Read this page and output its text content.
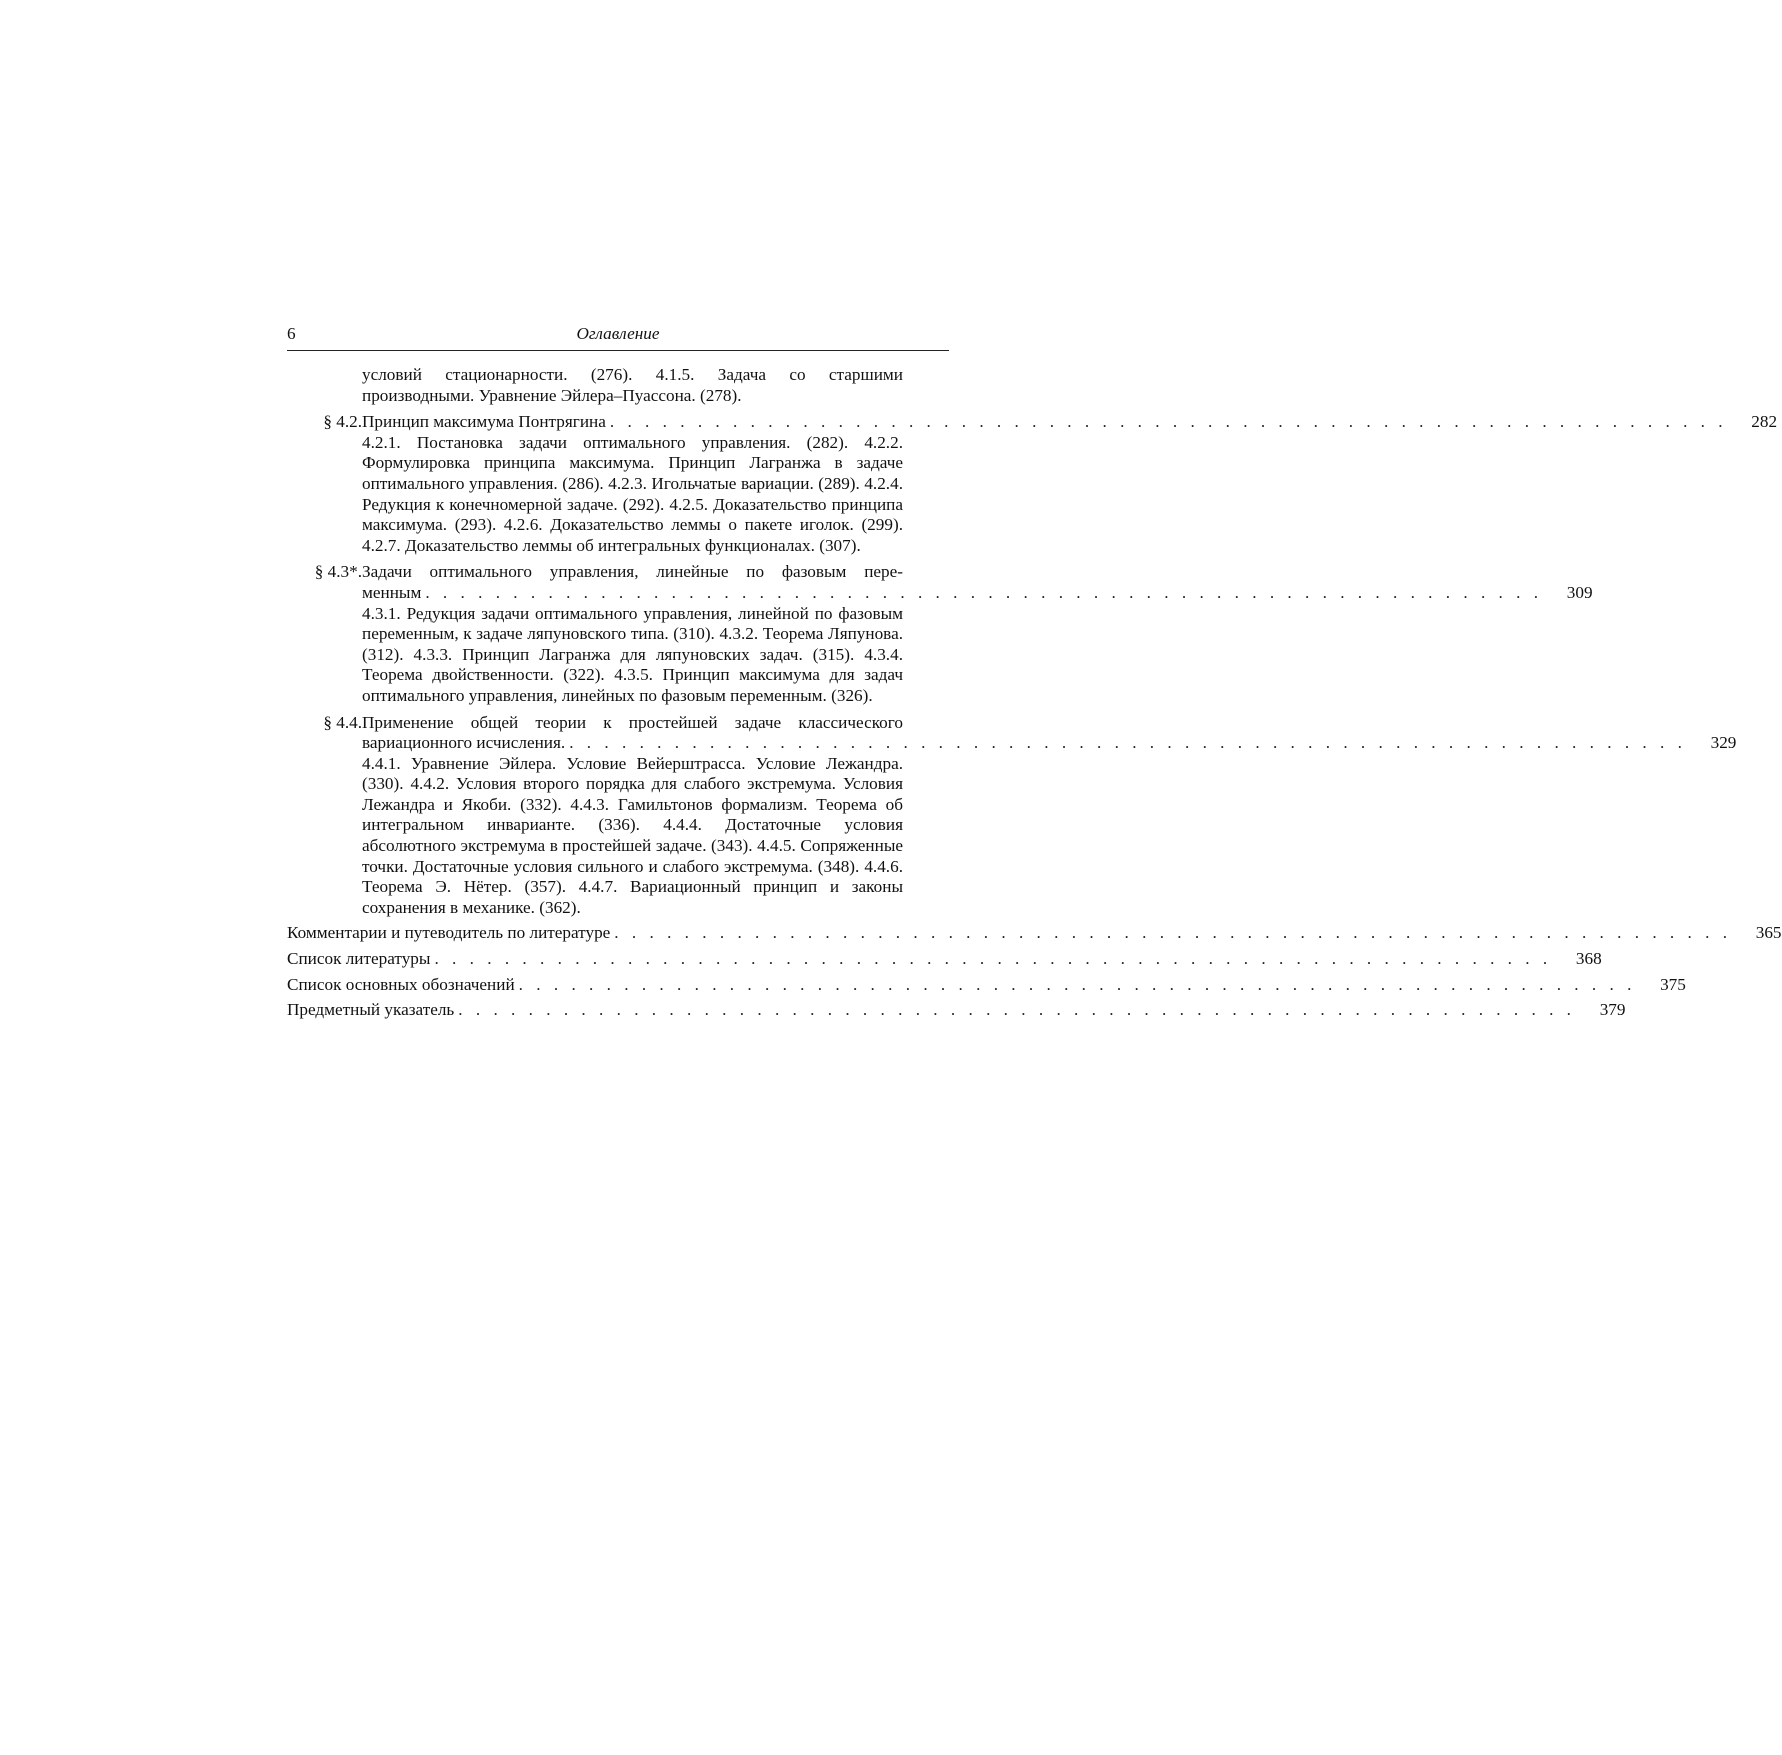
6	Оглавление
условий стационарности. (276). 4.1.5. Задача со старшими производными. Уравнение Эйлера–Пуассона. (278).
§ 4.2. Принцип максимума Понтрягина . . . . . . . . . . . . . . . . . . . . . . . . . . . . . . . . . . . . . . . . . . . . . . . . . . . . . . . . . . . . . . . .	282
4.2.1. Постановка задачи оптимального управления. (282). 4.2.2. Формулировка принципа максимума. Принцип Лагранжа в задаче оптимального управления. (286). 4.2.3. Игольчатые вариации. (289). 4.2.4. Редукция к конечномерной задаче. (292). 4.2.5. Доказательство принципа максимума. (293). 4.2.6. Доказательство леммы о пакете иголок. (299). 4.2.7. Доказательство леммы об интегральных функционалах. (307).
§ 4.3*. Задачи оптимального управления, линейные по фазовым пере-
менным . . . . . . . . . . . . . . . . . . . . . . . . . . . . . . . . . . . . . . . . . . . . . . . . . . . . . . . . . . . . . . . .	309
4.3.1. Редукция задачи оптимального управления, линейной по фазовым переменным, к задаче ляпуновского типа. (310). 4.3.2. Теорема Ляпунова. (312). 4.3.3. Принцип Лагранжа для ляпуновских задач. (315). 4.3.4. Теорема двойственности. (322). 4.3.5. Принцип максимума для задач оптимального управления, линейных по фазовым переменным. (326).
§ 4.4. Применение общей теории к простейшей задаче классического
вариационного исчисления. . . . . . . . . . . . . . . . . . . . . . . . . . . . . . . . . . . . . . . . . . . . . . . . . . . . . . . . . . . . . . . . .	329
4.4.1. Уравнение Эйлера. Условие Вейерштрасса. Условие Лежандра. (330). 4.4.2. Условия второго порядка для слабого экстремума. Условия Лежандра и Якоби. (332). 4.4.3. Гамильтонов формализм. Теорема об интегральном инварианте. (336). 4.4.4. Достаточные условия абсолютного экстремума в простейшей задаче. (343). 4.4.5. Сопряженные точки. Достаточные условия сильного и слабого экстремума. (348). 4.4.6. Теорема Э. Нётер. (357). 4.4.7. Вариационный принцип и законы сохранения в механике. (362).
Комментарии и путеводитель по литературе . . . . . . . . . . . . . . . . . . . . . . . . . . . . . . . . . . . . . . . . . . . . . . . . . . . . . . . . . . . . . . . .	365
Список литературы . . . . . . . . . . . . . . . . . . . . . . . . . . . . . . . . . . . . . . . . . . . . . . . . . . . . . . . . . . . . . . . .	368
Список основных обозначений . . . . . . . . . . . . . . . . . . . . . . . . . . . . . . . . . . . . . . . . . . . . . . . . . . . . . . . . . . . . . . . .	375
Предметный указатель . . . . . . . . . . . . . . . . . . . . . . . . . . . . . . . . . . . . . . . . . . . . . . . . . . . . . . . . . . . . . . . .	379
